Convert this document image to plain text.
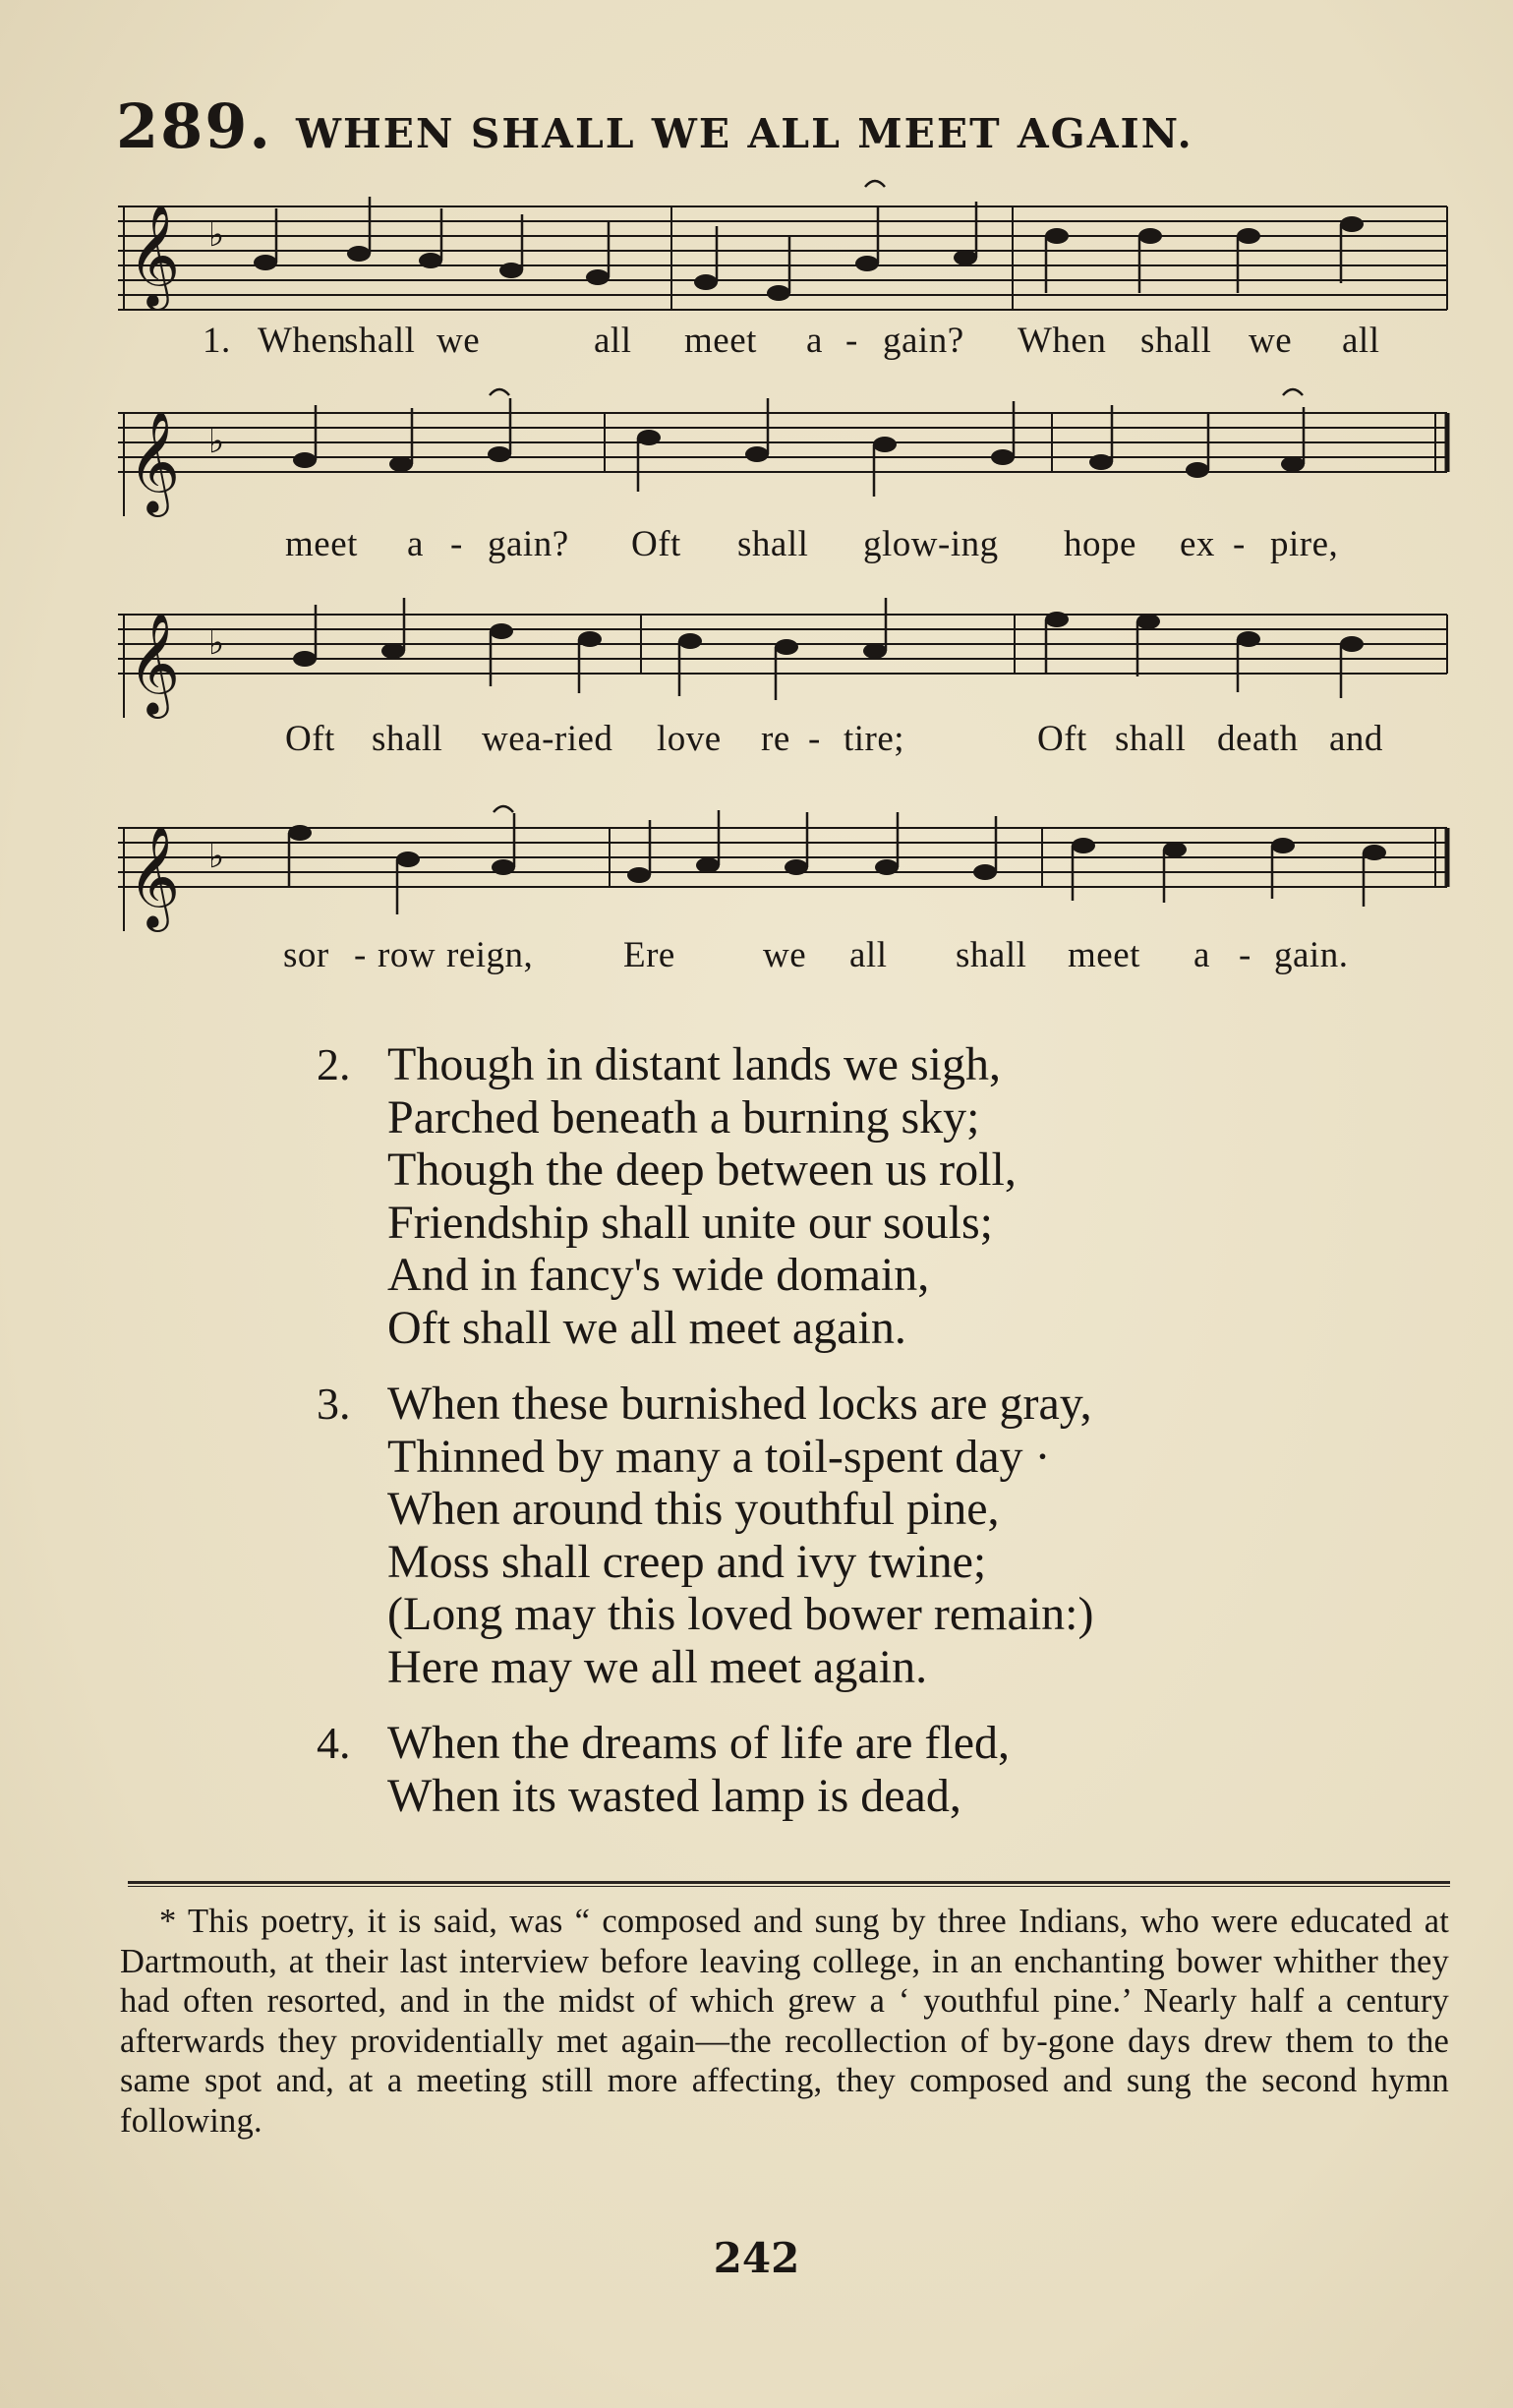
289. WHEN SHALL WE ALL MEET AGAIN.
𝄞 ♭
1. When
shall we	all meet a - gain? When shall we all
𝄞 ♭
meet a - gain? Oft shall glow-ing hope ex - pire,
𝄞 ♭
Oft shall wea-ried love re - tire;	Oft shall death and
𝄞 ♭
sor - row reign, Ere we all shall meet a - gain.
2. Though in distant lands we sigh,
Parched beneath a burning sky;
Though the deep between us roll,
Friendship shall unite our souls;
And in fancy's wide domain,
Oft shall we all meet again.
3. When these burnished locks are gray,
Thinned by many a toil-spent day ·
When around this youthful pine,
Moss shall creep and ivy twine;
(Long may this loved bower remain:)
Here may we all meet again.
4. When the dreams of life are fled,
When its wasted lamp is dead,
* This poetry, it is said, was “ composed and sung by three Indians, who were educated at Dartmouth, at their last interview before leaving college, in an enchanting bower whither they had often resorted, and in the midst of which grew a ‘ youthful pine.’ Nearly half a century afterwards they providentially met again—the recollection of by-gone days drew them to the same spot and, at a meeting still more affecting, they composed and sung the second hymn following.
242
